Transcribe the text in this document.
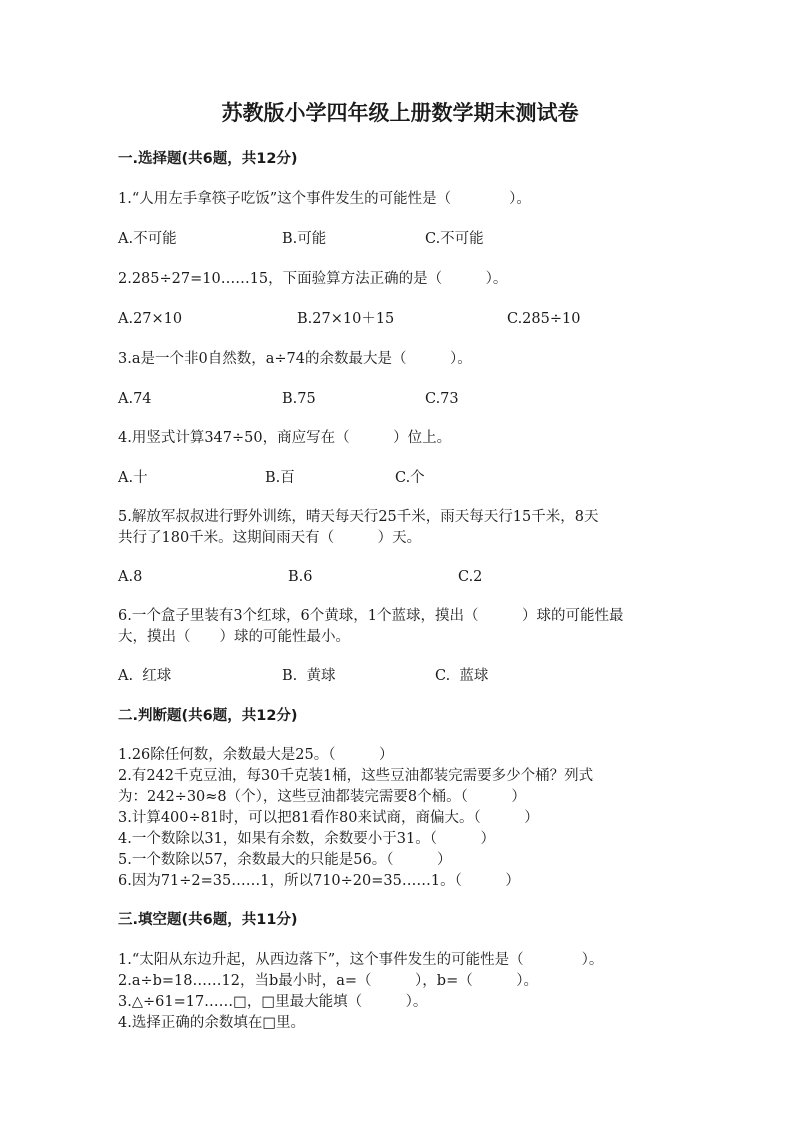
苏教版小学四年级上册数学期末测试卷
一.选择题(共6题，共12分)
1.“人用左手拿筷子吃饭”这个事件发生的可能性是（　　　　）。
A.不可能	B.可能	C.不可能
2.285÷27=10……15，下面验算方法正确的是（　　　）。
A.27×10	B.27×10＋15	C.285÷10
3.a是一个非0自然数，a÷74的余数最大是（　　　）。
A.74	B.75	C.73
4.用竖式计算347÷50，商应写在（　　　）位上。
A.十	B.百	C.个
5.解放军叔叔进行野外训练，晴天每天行25千米，雨天每天行15千米，8天
共行了180千米。这期间雨天有（　　　）天。
A.8	B.6	C.2
6.一个盒子里装有3个红球，6个黄球，1个蓝球，摸出（　　　）球的可能性最
大，摸出（　　）球的可能性最小。
A.  红球	B.  黄球	C.  蓝球
二.判断题(共6题，共12分)
1.26除任何数，余数最大是25。（　　　）
2.有242千克豆油，每30千克装1桶，这些豆油都装完需要多少个桶？列式
为：242÷30≈8（个），这些豆油都装完需要8个桶。（　　　）
3.计算400÷81时，可以把81看作80来试商，商偏大。（　　　）
4.一个数除以31，如果有余数，余数要小于31。（　　　）
5.一个数除以57，余数最大的只能是56。（　　　）
6.因为71÷2=35……1，所以710÷20=35……1。（　　　）
三.填空题(共6题，共11分)
1.“太阳从东边升起，从西边落下”，这个事件发生的可能性是（　　　　）。
2.a÷b=18……12，当b最小时，a=（　　　），b=（　　　）。
3.△÷61=17……□，□里最大能填（　　　）。
4.选择正确的余数填在□里。
